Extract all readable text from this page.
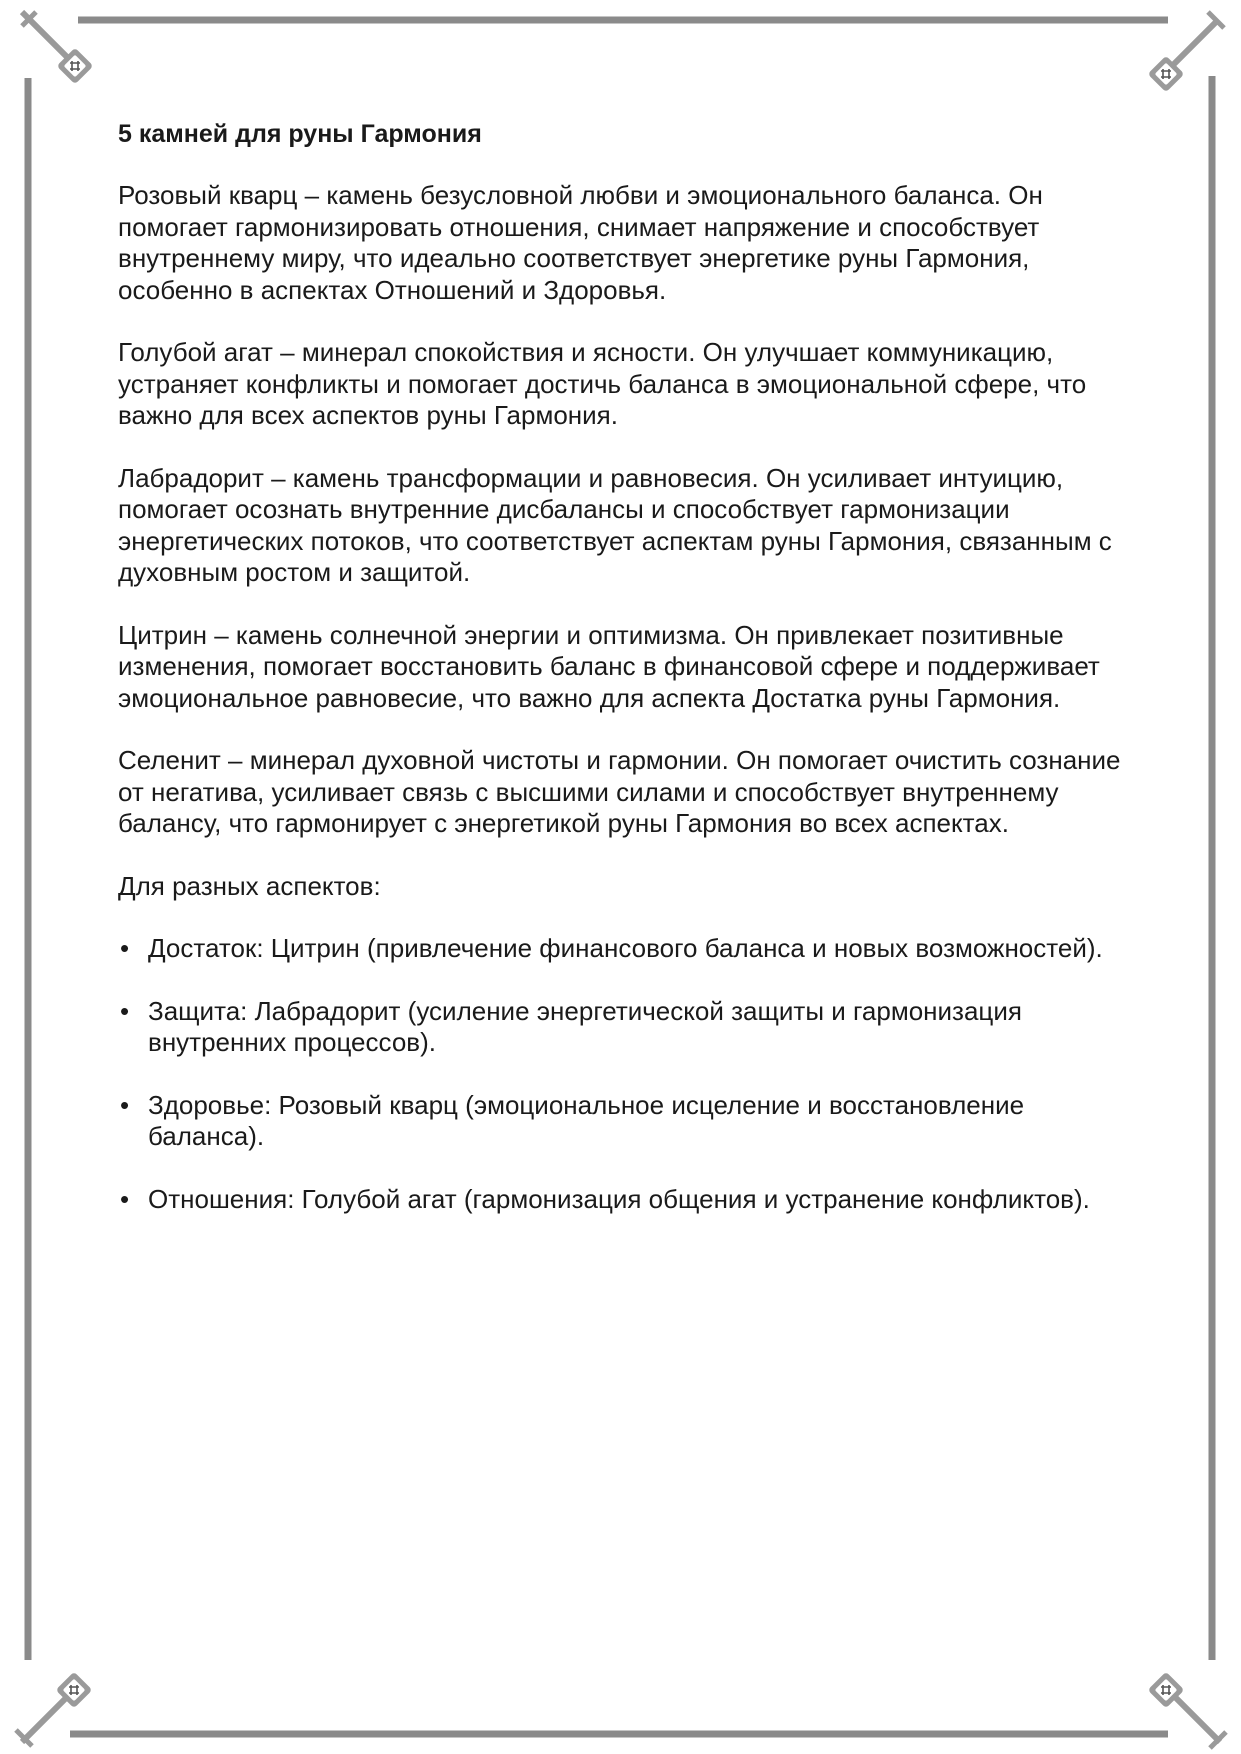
5 камней для руны Гармония

Розовый кварц – камень безусловной любви и эмоционального баланса. Он помогает гармонизировать отношения, снимает напряжение и способствует внутреннему миру, что идеально соответствует энергетике руны Гармония, особенно в аспектах Отношений и Здоровья.

Голубой агат – минерал спокойствия и ясности. Он улучшает коммуникацию, устраняет конфликты и помогает достичь баланса в эмоциональной сфере, что важно для всех аспектов руны Гармония.

Лабрадорит – камень трансформации и равновесия. Он усиливает интуицию, помогает осознать внутренние дисбалансы и способствует гармонизации энергетических потоков, что соответствует аспектам руны Гармония, связанным с духовным ростом и защитой.

Цитрин – камень солнечной энергии и оптимизма. Он привлекает позитивные изменения, помогает восстановить баланс в финансовой сфере и поддерживает эмоциональное равновесие, что важно для аспекта Достатка руны Гармония.

Селенит – минерал духовной чистоты и гармонии. Он помогает очистить сознание от негатива, усиливает связь с высшими силами и способствует внутреннему балансу, что гармонирует с энергетикой руны Гармония во всех аспектах.

Для разных аспектов:

• Достаток: Цитрин (привлечение финансового баланса и новых возможностей).
• Защита: Лабрадорит (усиление энергетической защиты и гармонизация внутренних процессов).
• Здоровье: Розовый кварц (эмоциональное исцеление и восстановление баланса).
• Отношения: Голубой агат (гармонизация общения и устранение конфликтов).
